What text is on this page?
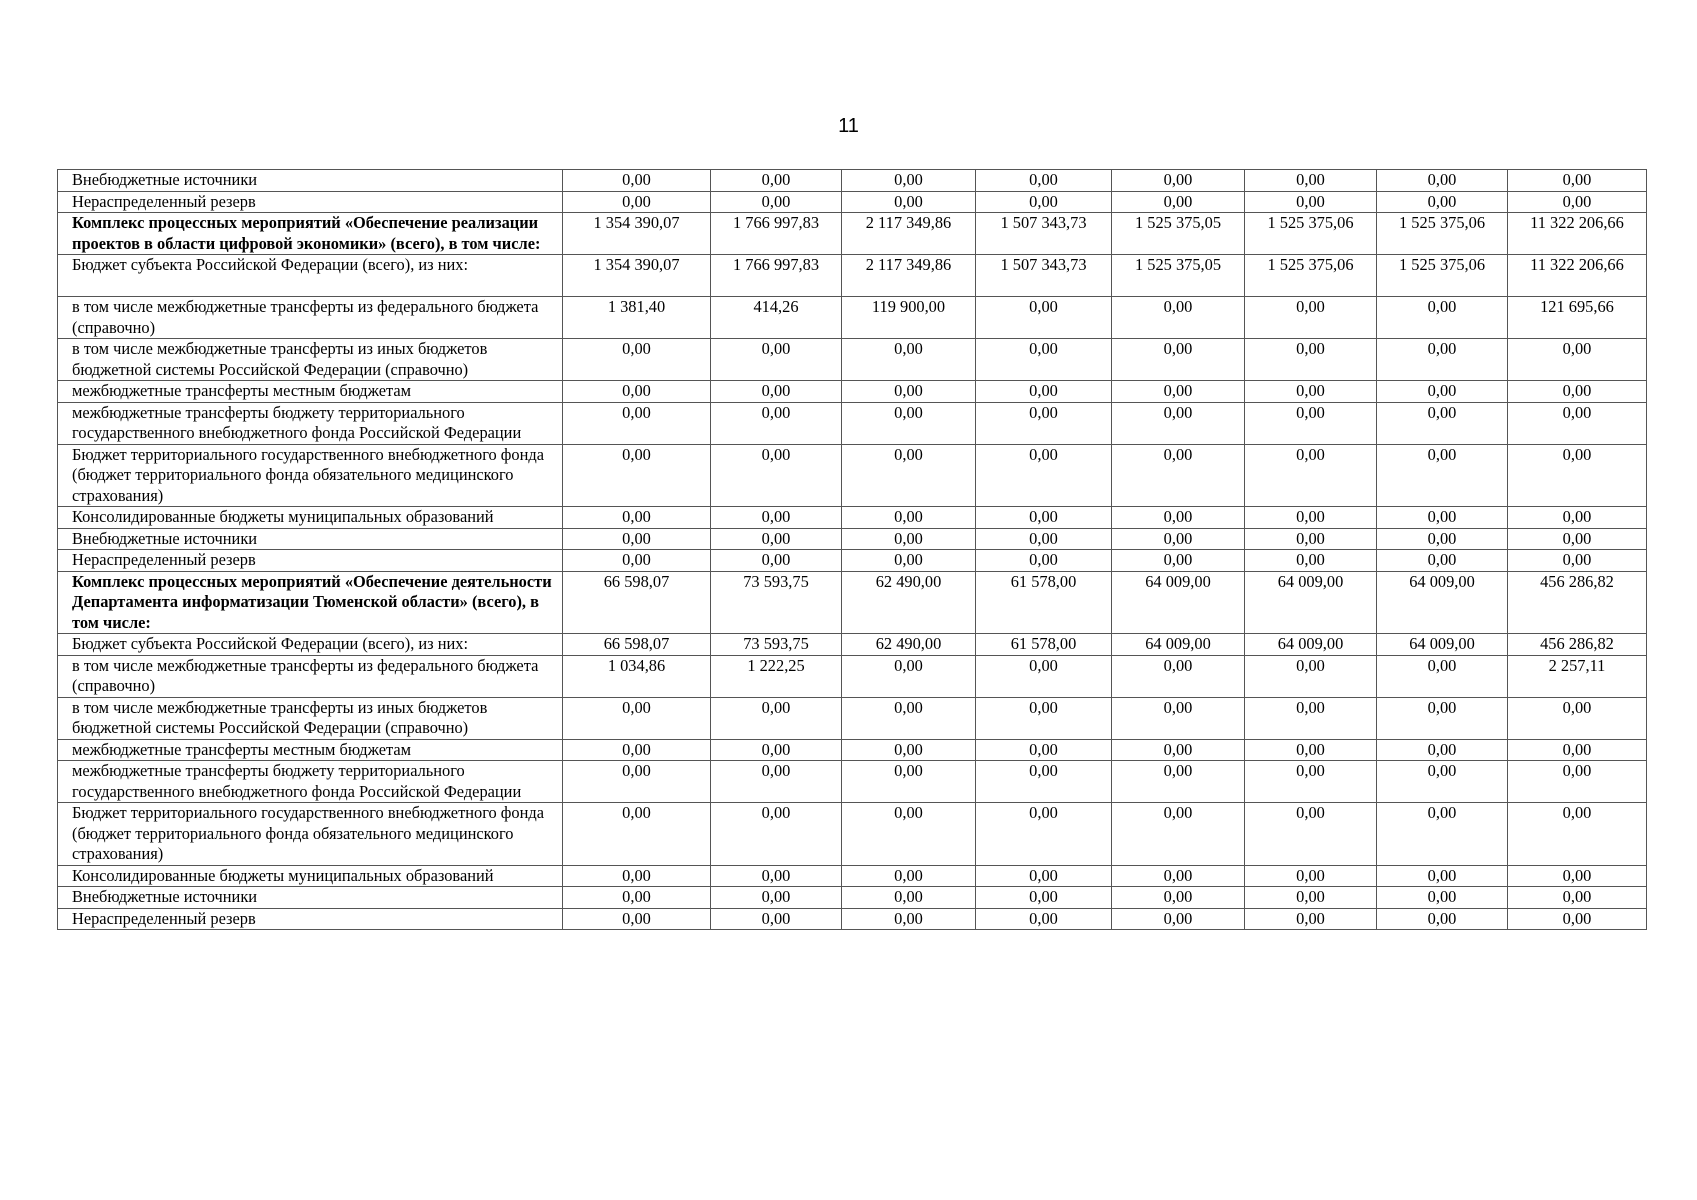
11
Внебюджетные источники	0,00	0,00	0,00	0,00	0,00	0,00	0,00	0,00
Нераспределенный резерв	0,00	0,00	0,00	0,00	0,00	0,00	0,00	0,00
Комплекс процессных мероприятий «Обеспечение реализации проектов в области цифровой экономики» (всего), в том числе:	1 354 390,07	1 766 997,83	2 117 349,86	1 507 343,73	1 525 375,05	1 525 375,06	1 525 375,06	11 322 206,66
Бюджет субъекта Российской Федерации (всего), из них:	1 354 390,07	1 766 997,83	2 117 349,86	1 507 343,73	1 525 375,05	1 525 375,06	1 525 375,06	11 322 206,66
в том числе межбюджетные трансферты из федерального бюджета (справочно)	1 381,40	414,26	119 900,00	0,00	0,00	0,00	0,00	121 695,66
в том числе межбюджетные трансферты из иных бюджетов бюджетной системы Российской Федерации (справочно)	0,00	0,00	0,00	0,00	0,00	0,00	0,00	0,00
межбюджетные трансферты местным бюджетам	0,00	0,00	0,00	0,00	0,00	0,00	0,00	0,00
межбюджетные трансферты бюджету территориального государственного внебюджетного фонда Российской Федерации	0,00	0,00	0,00	0,00	0,00	0,00	0,00	0,00
Бюджет территориального государственного внебюджетного фонда (бюджет территориального фонда обязательного медицинского страхования)	0,00	0,00	0,00	0,00	0,00	0,00	0,00	0,00
Консолидированные бюджеты муниципальных образований	0,00	0,00	0,00	0,00	0,00	0,00	0,00	0,00
Внебюджетные источники	0,00	0,00	0,00	0,00	0,00	0,00	0,00	0,00
Нераспределенный резерв	0,00	0,00	0,00	0,00	0,00	0,00	0,00	0,00
Комплекс процессных мероприятий «Обеспечение деятельности Департамента информатизации Тюменской области» (всего), в том числе:	66 598,07	73 593,75	62 490,00	61 578,00	64 009,00	64 009,00	64 009,00	456 286,82
Бюджет субъекта Российской Федерации (всего), из них:	66 598,07	73 593,75	62 490,00	61 578,00	64 009,00	64 009,00	64 009,00	456 286,82
в том числе межбюджетные трансферты из федерального бюджета (справочно)	1 034,86	1 222,25	0,00	0,00	0,00	0,00	0,00	2 257,11
в том числе межбюджетные трансферты из иных бюджетов бюджетной системы Российской Федерации (справочно)	0,00	0,00	0,00	0,00	0,00	0,00	0,00	0,00
межбюджетные трансферты местным бюджетам	0,00	0,00	0,00	0,00	0,00	0,00	0,00	0,00
межбюджетные трансферты бюджету территориального государственного внебюджетного фонда Российской Федерации	0,00	0,00	0,00	0,00	0,00	0,00	0,00	0,00
Бюджет территориального государственного внебюджетного фонда (бюджет территориального фонда обязательного медицинского страхования)	0,00	0,00	0,00	0,00	0,00	0,00	0,00	0,00
Консолидированные бюджеты муниципальных образований	0,00	0,00	0,00	0,00	0,00	0,00	0,00	0,00
Внебюджетные источники	0,00	0,00	0,00	0,00	0,00	0,00	0,00	0,00
Нераспределенный резерв	0,00	0,00	0,00	0,00	0,00	0,00	0,00	0,00
